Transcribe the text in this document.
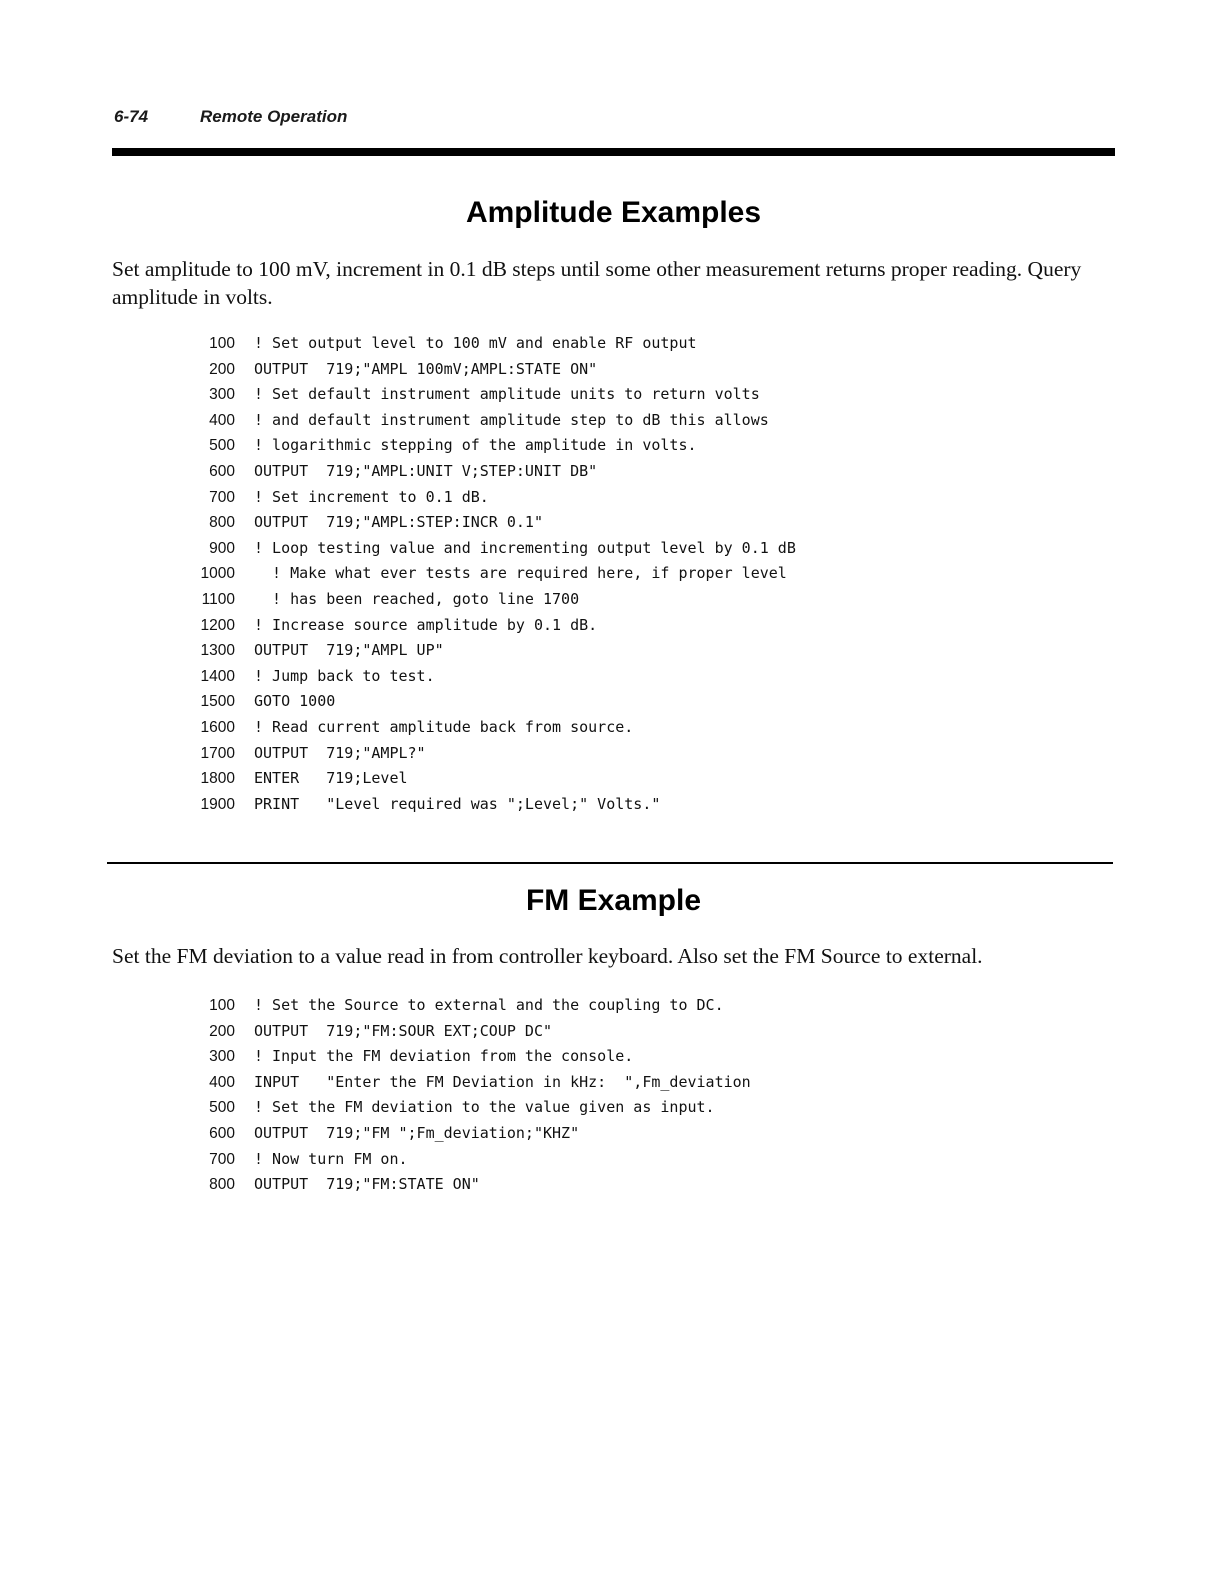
6-74	Remote Operation
Amplitude Examples

Set amplitude to 100 mV, increment in 0.1 dB steps until some other measurement returns proper reading. Query amplitude in volts.

100 ! Set output level to 100 mV and enable RF output
200 OUTPUT  719;"AMPL 100mV;AMPL:STATE ON"
300 ! Set default instrument amplitude units to return volts
400 ! and default instrument amplitude step to dB this allows
500 ! logarithmic stepping of the amplitude in volts.
600 OUTPUT  719;"AMPL:UNIT V;STEP:UNIT DB"
700 ! Set increment to 0.1 dB.
800 OUTPUT  719;"AMPL:STEP:INCR 0.1"
900 ! Loop testing value and incrementing output level by 0.1 dB
1000 ! Make what ever tests are required here, if proper level
1100 ! has been reached, goto line 1700
1200 ! Increase source amplitude by 0.1 dB.
1300 OUTPUT  719;"AMPL UP"
1400 ! Jump back to test.
1500 GOTO 1000
1600 ! Read current amplitude back from source.
1700 OUTPUT  719;"AMPL?"
1800 ENTER   719;Level
1900 PRINT   "Level required was ";Level;" Volts."
FM Example

Set the FM deviation to a value read in from controller keyboard. Also set the FM Source to external.

100 ! Set the Source to external and the coupling to DC.
200 OUTPUT  719;"FM:SOUR EXT;COUP DC"
300 ! Input the FM deviation from the console.
400 INPUT   "Enter the FM Deviation in kHz:  ",Fm_deviation
500 ! Set the FM deviation to the value given as input.
600 OUTPUT  719;"FM ";Fm_deviation;"KHZ"
700 ! Now turn FM on.
800 OUTPUT  719;"FM:STATE ON"
